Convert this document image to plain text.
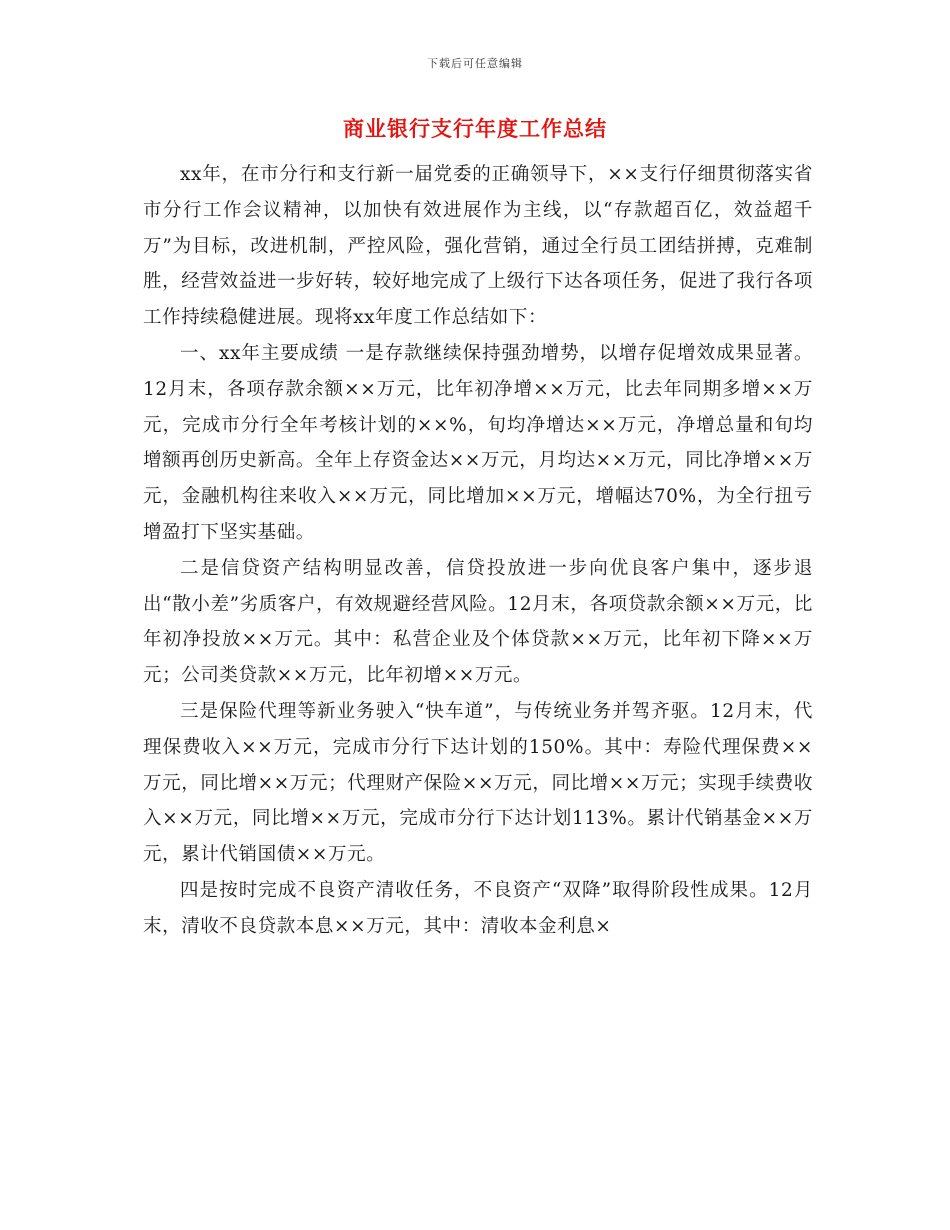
下载后可任意编辑
商业银行支行年度工作总结

xx年，在市分行和支行新一届党委的正确领导下，××支行仔细贯彻落实省市分行工作会议精神，以加快有效进展作为主线，以“存款超百亿，效益超千万”为目标，改进机制，严控风险，强化营销，通过全行员工团结拼搏，克难制胜，经营效益进一步好转，较好地完成了上级行下达各项任务，促进了我行各项工作持续稳健进展。现将xx年度工作总结如下：

一、xx年主要成绩 一是存款继续保持强劲增势，以增存促增效成果显著。12月末，各项存款余额××万元，比年初净增××万元，比去年同期多增××万元，完成市分行全年考核计划的××%，旬均净增达××万元，净增总量和旬均增额再创历史新高。全年上存资金达××万元，月均达××万元，同比净增××万元，金融机构往来收入××万元，同比增加××万元，增幅达70%，为全行扭亏增盈打下坚实基础。

二是信贷资产结构明显改善，信贷投放进一步向优良客户集中，逐步退出“散小差”劣质客户，有效规避经营风险。12月末，各项贷款余额××万元，比年初净投放××万元。其中：私营企业及个体贷款××万元，比年初下降××万元；公司类贷款××万元，比年初增××万元。

三是保险代理等新业务驶入“快车道”，与传统业务并驾齐驱。12月末，代理保费收入××万元，完成市分行下达计划的150%。其中：寿险代理保费××万元，同比增××万元；代理财产保险××万元，同比增××万元；实现手续费收入××万元，同比增××万元，完成市分行下达计划113%。累计代销基金××万元，累计代销国债××万元。

四是按时完成不良资产清收任务，不良资产“双降”取得阶段性成果。12月末，清收不良贷款本息××万元，其中：清收本金利息×
